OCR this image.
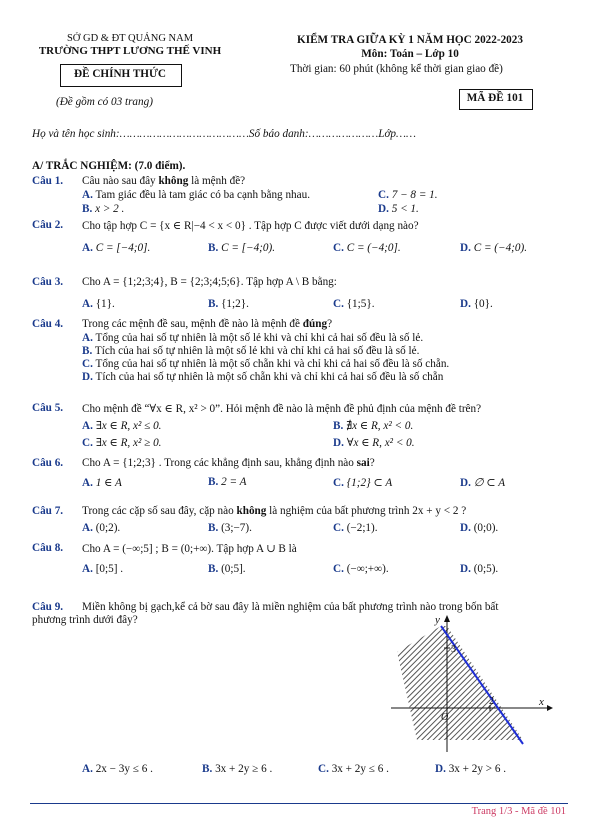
SỞ GD & ĐT QUẢNG NAM
TRƯỜNG THPT LƯƠNG THẾ VINH
ĐỀ CHÍNH THỨC
(Đề gồm có 03 trang)
KIỂM TRA GIỮA KỲ 1 NĂM HỌC 2022-2023
Môn: Toán – Lớp 10
Thời gian: 60 phút (không kể thời gian giao đề)
MÃ ĐỀ 101
Họ và tên học sinh:…………………………………Số báo danh:…………………Lớp……
A/ TRẮC NGHIỆM: (7.0 điểm).
Câu 1. Câu nào sau đây không là mệnh đề?
A. Tam giác đều là tam giác có ba cạnh bằng nhau.	C. 7 − 8 = 1.
B. x > 2 .	D. 5 < 1.
Câu 2. Cho tập hợp C = {x ∈ R|−4 < x < 0} . Tập hợp C được viết dưới dạng nào?
A. C = [−4;0].	B. C = [−4;0).	C. C = (−4;0].	D. C = (−4;0).
Câu 3. Cho A = {1;2;3;4}, B = {2;3;4;5;6}. Tập hợp A \ B bằng:
A. {1}.	B. {1;2}.	C. {1;5}.	D. {0}.
Câu 4. Trong các mệnh đề sau, mệnh đề nào là mệnh đề đúng?
A. Tổng của hai số tự nhiên là một số lẻ khi và chỉ khi cả hai số đều là số lẻ.
B. Tích của hai số tự nhiên là một số lẻ khi và chỉ khi cả hai số đều là số lẻ.
C. Tổng của hai số tự nhiên là một số chẵn khi và chỉ khi cả hai số đều là số chẵn.
D. Tích của hai số tự nhiên là một số chẵn khi và chỉ khi cả hai số đều là số chẵn
Câu 5. Cho mệnh đề “∀x ∈ R, x² > 0”. Hỏi mệnh đề nào là mệnh đề phủ định của mệnh đề trên?
A. ∃x ∈ R, x² ≤ 0.	B. ∄x ∈ R, x² < 0.
C. ∃x ∈ R, x² ≥ 0.	D. ∀x ∈ R, x² < 0.
Câu 6. Cho A = {1;2;3} . Trong các khẳng định sau, khẳng định nào sai?
A. 1 ∈ A	B. 2 = A	C. {1;2} ⊂ A	D. ∅ ⊂ A
Câu 7. Trong các cặp số sau đây, cặp nào không là nghiệm của bất phương trình 2x + y < 2 ?
A. (0;2).	B. (3;−7).	C. (−2;1).	D. (0;0).
Câu 8. Cho A = (−∞;5] ; B = (0;+∞). Tập hợp A ∪ B là
A. [0;5] .	B. (0;5].	C. (−∞;+∞).	D. (0;5).
Câu 9. Miền không bị gạch,kể cả bờ sau đây là miền nghiệm của bất phương trình nào trong bốn bất
phương trình dưới đây?	y
x
O
3
2
A. 2x − 3y ≤ 6 .	B. 3x + 2y ≥ 6 .	C. 3x + 2y ≤ 6 .	D. 3x + 2y > 6 .
Trang 1/3 - Mã đề 101
